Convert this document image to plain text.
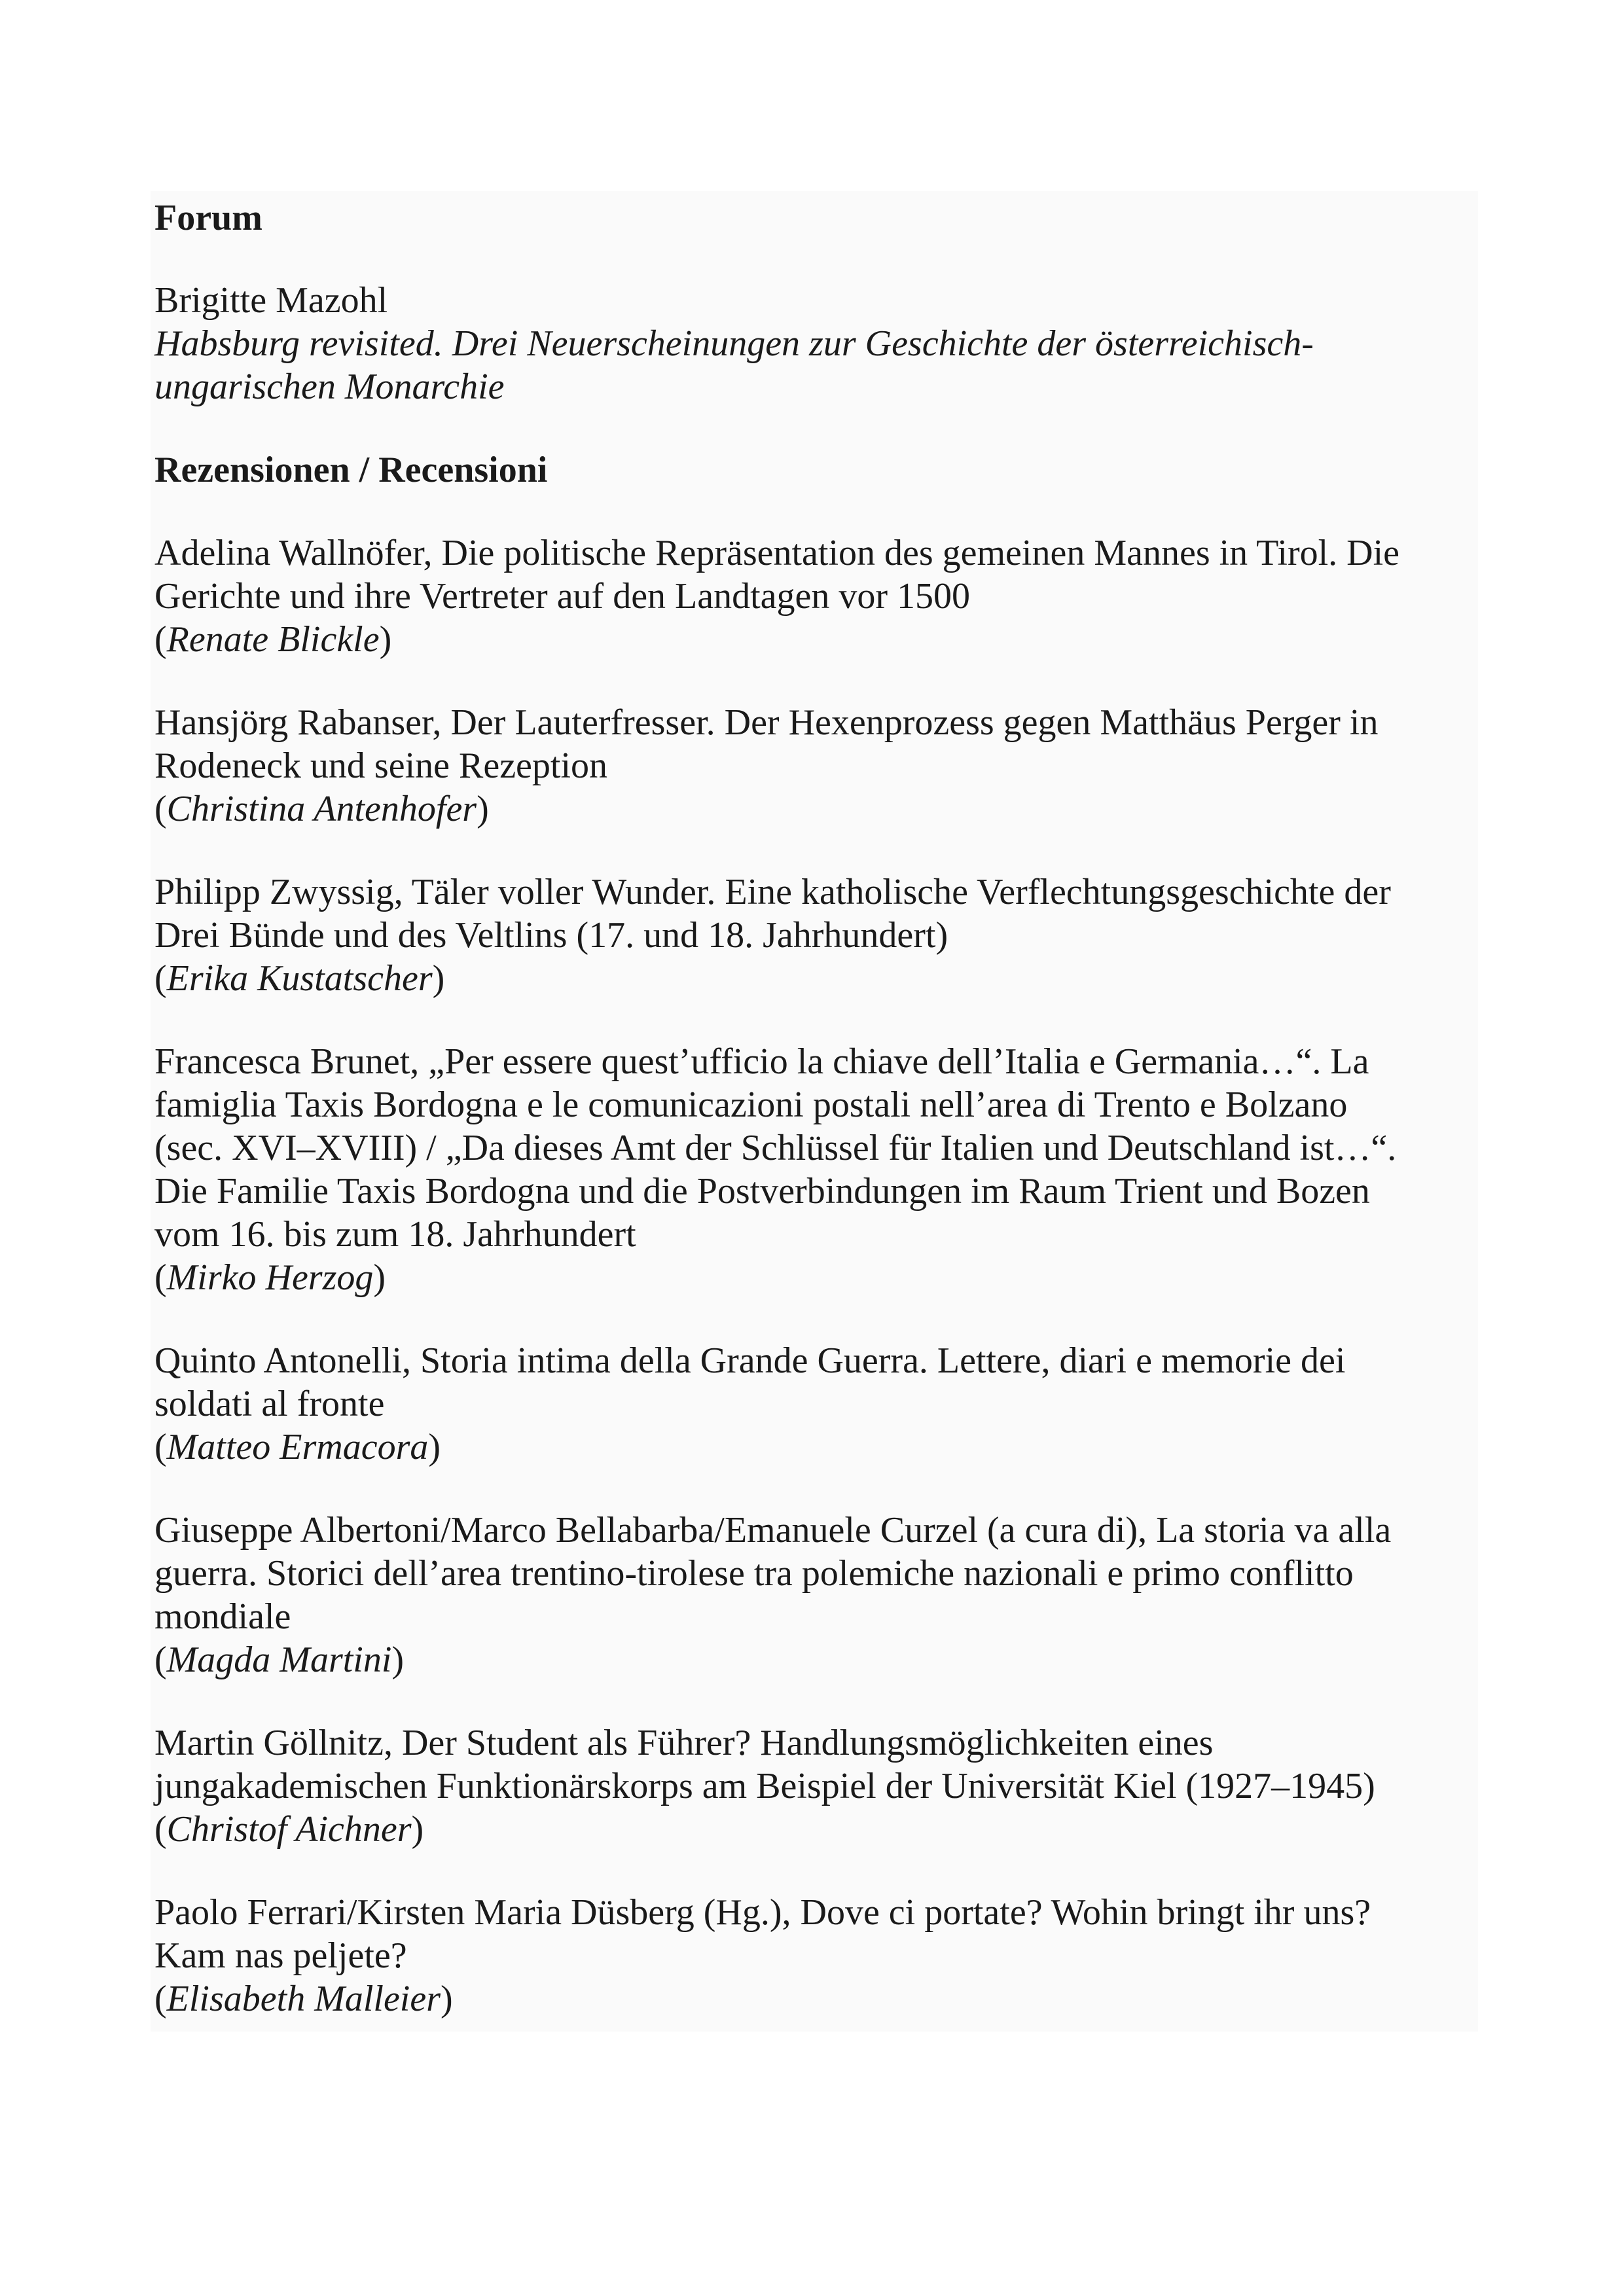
Forum

Brigitte Mazohl

Habsburg revisited. Drei Neuerscheinungen zur Geschichte der österreichisch-

ungarischen Monarchie

Rezensionen / Recensioni

Adelina Wallnöfer, Die politische Repräsentation des gemeinen Mannes in Tirol. Die

Gerichte und ihre Vertreter auf den Landtagen vor 1500

(Renate Blickle)

Hansjörg Rabanser, Der Lauterfresser. Der Hexenprozess gegen Matthäus Perger in

Rodeneck und seine Rezeption

(Christina Antenhofer)

Philipp Zwyssig, Täler voller Wunder. Eine katholische Verflechtungsgeschichte der

Drei Bünde und des Veltlins (17. und 18. Jahrhundert)

(Erika Kustatscher)

Francesca Brunet, „Per essere quest’ufficio la chiave dell’Italia e Germania…“. La

famiglia Taxis Bordogna e le comunicazioni postali nell’area di Trento e Bolzano

(sec. XVI–XVIII) / „Da dieses Amt der Schlüssel für Italien und Deutschland ist…“.

Die Familie Taxis Bordogna und die Postverbindungen im Raum Trient und Bozen

vom 16. bis zum 18. Jahrhundert

(Mirko Herzog)

Quinto Antonelli, Storia intima della Grande Guerra. Lettere, diari e memorie dei

soldati al fronte

(Matteo Ermacora)

Giuseppe Albertoni/Marco Bellabarba/Emanuele Curzel (a cura di), La storia va alla

guerra. Storici dell’area trentino-tirolese tra polemiche nazionali e primo conflitto

mondiale

(Magda Martini)

Martin Göllnitz, Der Student als Führer? Handlungsmöglichkeiten eines

jungakademischen Funktionärskorps am Beispiel der Universität Kiel (1927–1945)

(Christof Aichner)

Paolo Ferrari/Kirsten Maria Düsberg (Hg.), Dove ci portate? Wohin bringt ihr uns?

Kam nas peljete?

(Elisabeth Malleier)
